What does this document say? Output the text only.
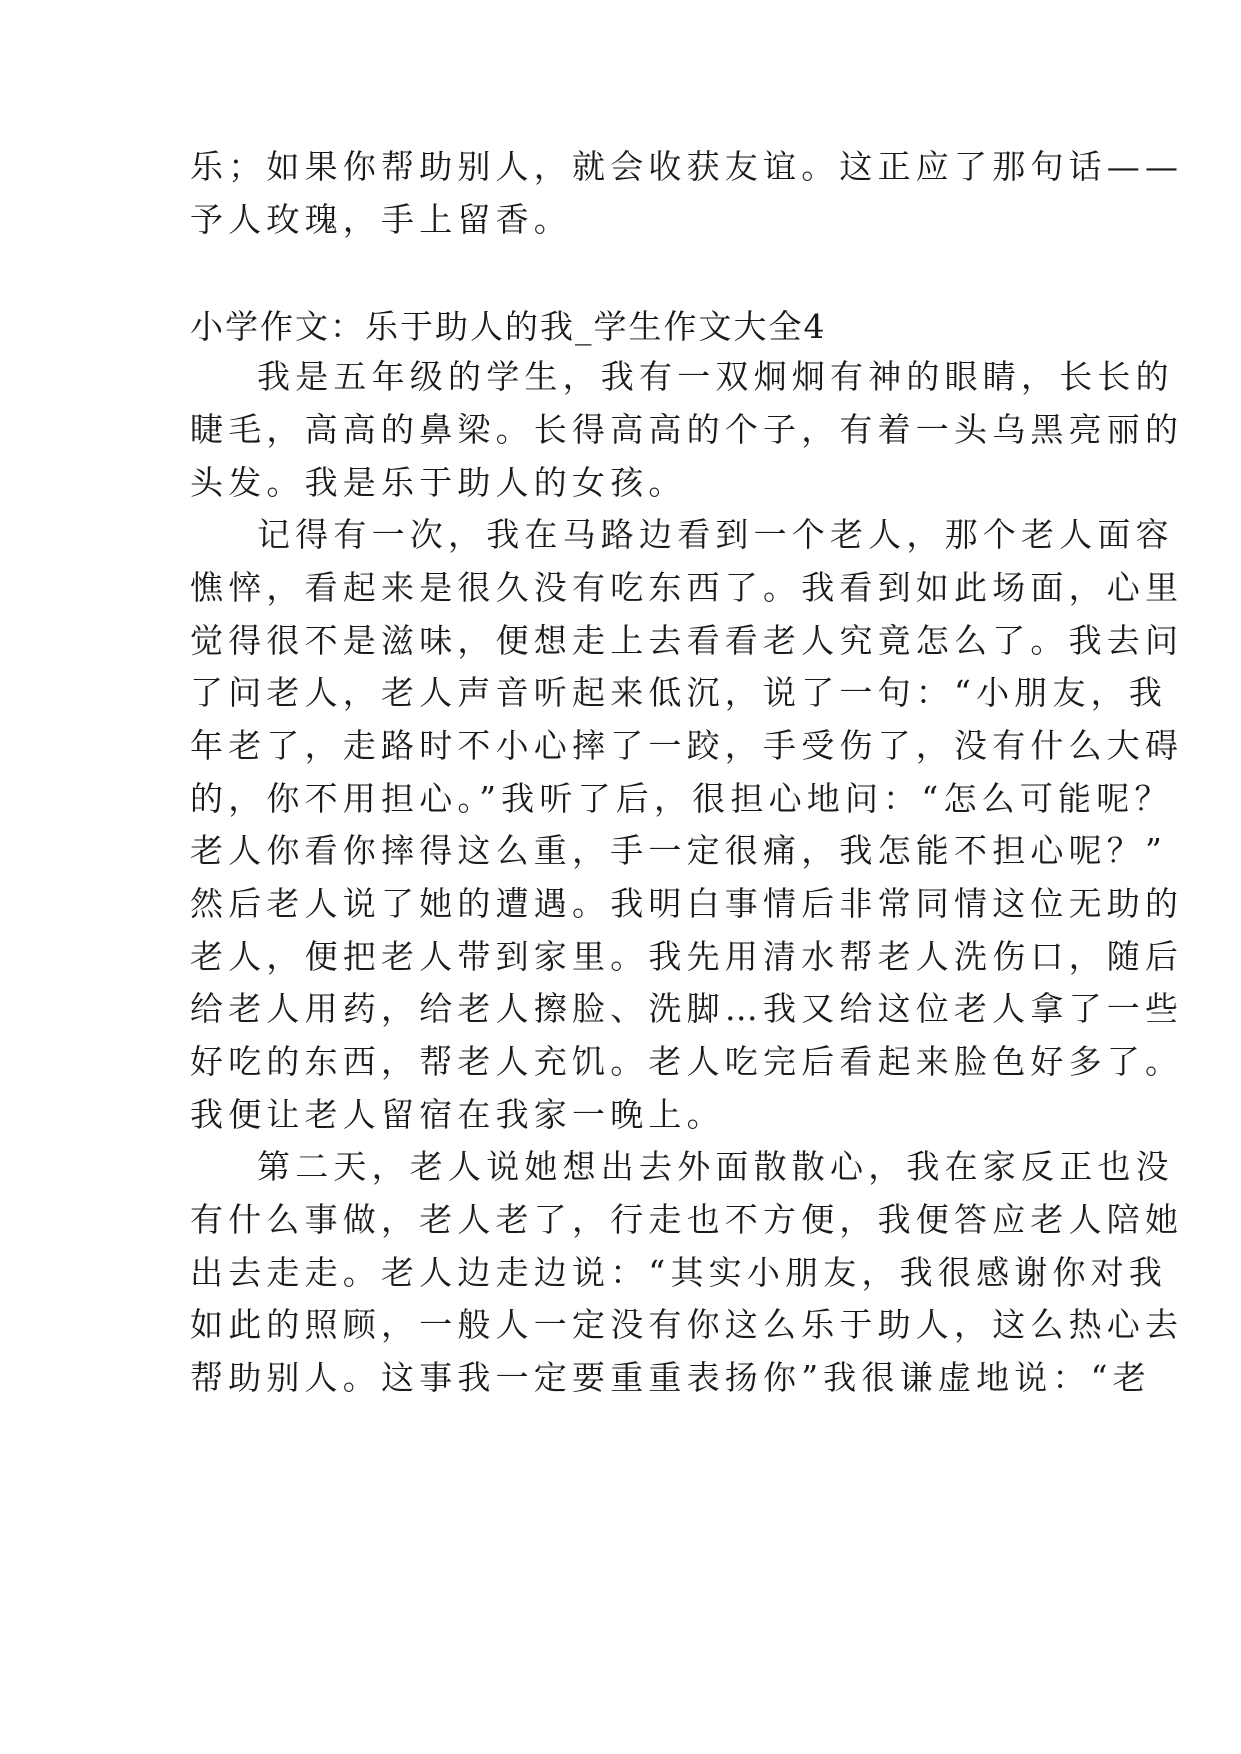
乐；如果你帮助别人，就会收获友谊。这正应了那句话——
予人玫瑰，手上留香。
小学作文：乐于助人的我_学生作文大全4
我是五年级的学生，我有一双炯炯有神的眼睛，长长的
睫毛，高高的鼻梁。长得高高的个子，有着一头乌黑亮丽的
头发。我是乐于助人的女孩。
记得有一次，我在马路边看到一个老人，那个老人面容
憔悴，看起来是很久没有吃东西了。我看到如此场面，心里
觉得很不是滋味，便想走上去看看老人究竟怎么了。我去问
了问老人，老人声音听起来低沉，说了一句：“小朋友，我
年老了，走路时不小心摔了一跤，手受伤了，没有什么大碍
的，你不用担心。”我听了后，很担心地问：“怎么可能呢？
老人你看你摔得这么重，手一定很痛，我怎能不担心呢？”
然后老人说了她的遭遇。我明白事情后非常同情这位无助的
老人，便把老人带到家里。我先用清水帮老人洗伤口，随后
给老人用药，给老人擦脸、洗脚…我又给这位老人拿了一些
好吃的东西，帮老人充饥。老人吃完后看起来脸色好多了。
我便让老人留宿在我家一晚上。
第二天，老人说她想出去外面散散心，我在家反正也没
有什么事做，老人老了，行走也不方便，我便答应老人陪她
出去走走。老人边走边说：“其实小朋友，我很感谢你对我
如此的照顾，一般人一定没有你这么乐于助人，这么热心去
帮助别人。这事我一定要重重表扬你”我很谦虚地说：“老
